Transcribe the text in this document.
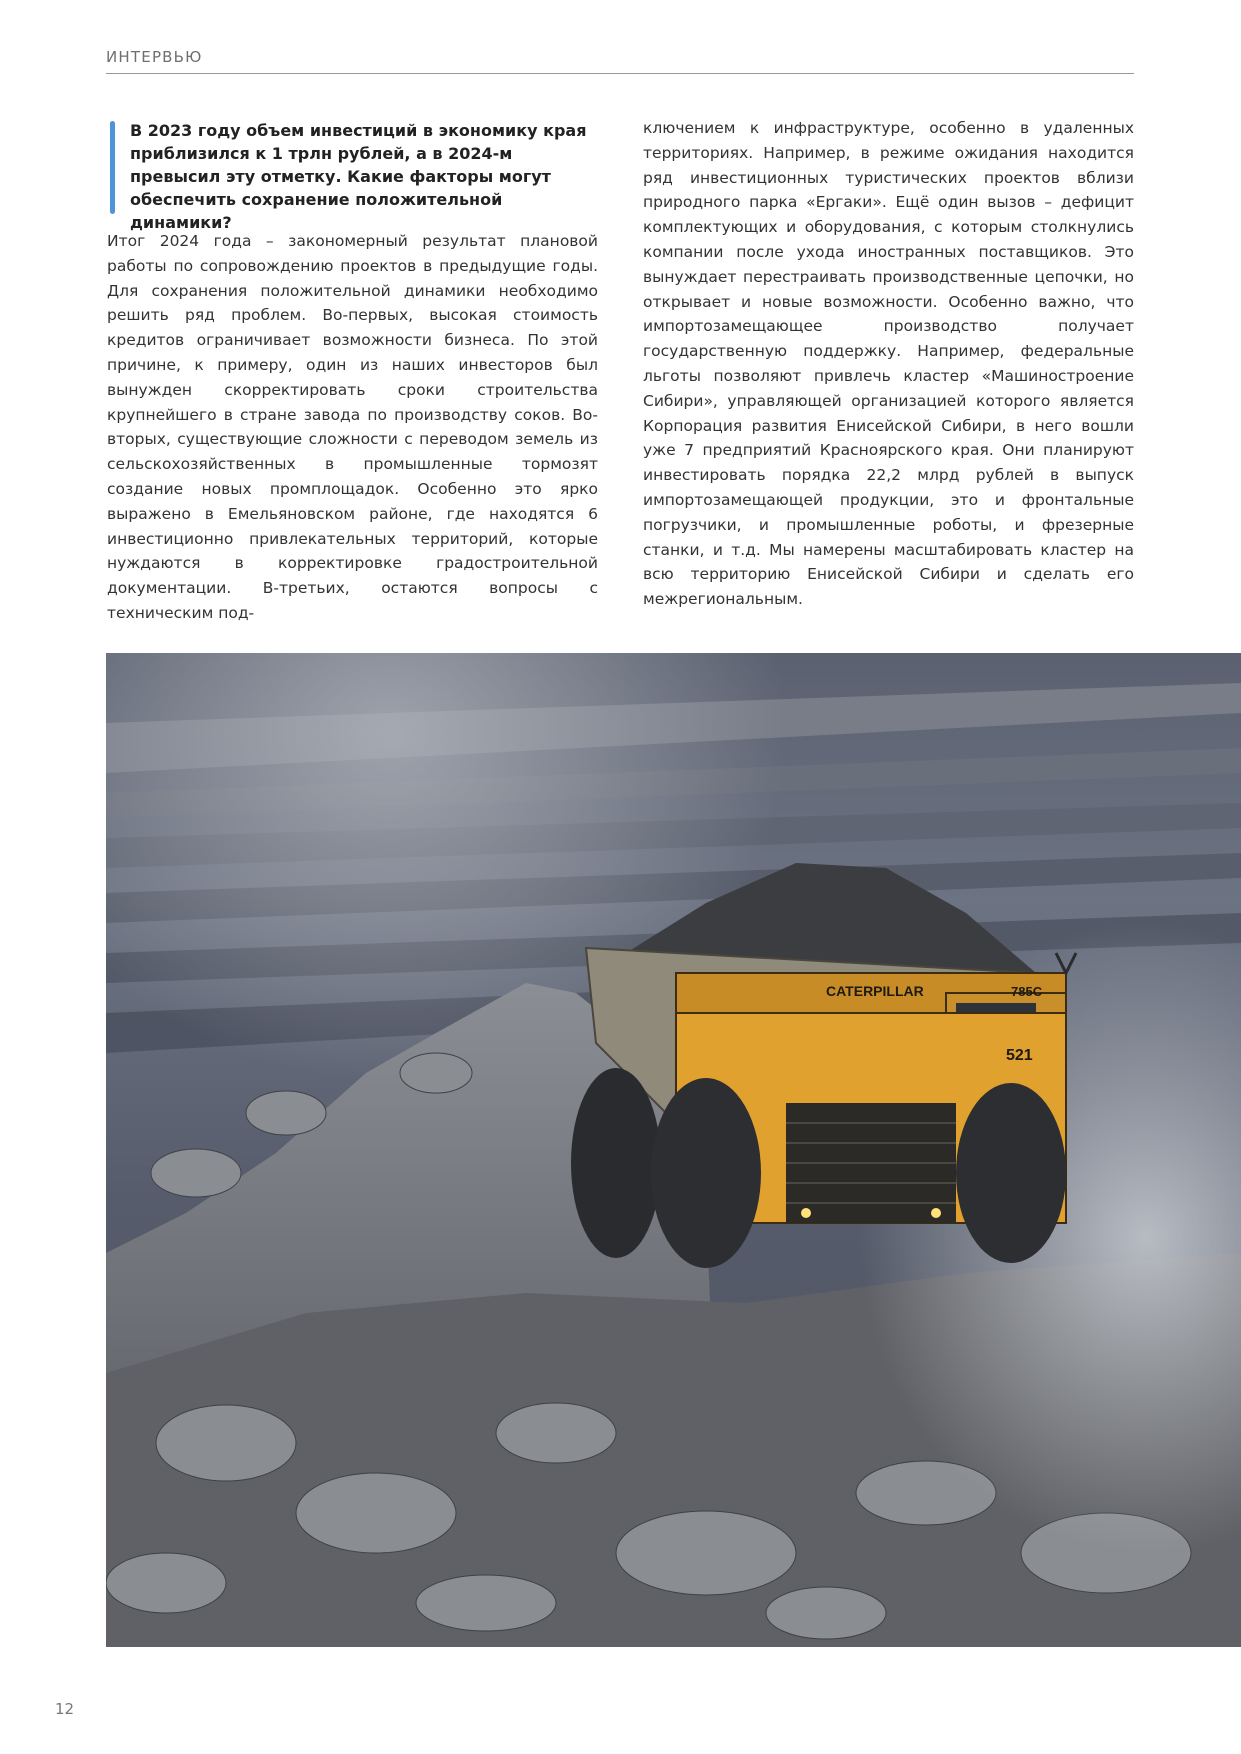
ИНТЕРВЬЮ

В 2023 году объем инвестиций в экономику края приблизился к 1 трлн рублей, а в 2024-м превысил эту отметку. Какие факторы могут обеспечить сохранение положительной динамики?

Итог 2024 года – закономерный результат плановой работы по сопровождению проектов в предыдущие годы. Для сохранения положительной динамики необходимо решить ряд проблем. Во-первых, высокая стоимость кредитов ограничивает возможности бизнеса. По этой причине, к примеру, один из наших инвесторов был вынужден скорректировать сроки строительства крупнейшего в стране завода по производству соков. Во-вторых, существующие сложности с переводом земель из сельскохозяйственных в промышленные тормозят создание новых промплощадок. Особенно это ярко выражено в Емельяновском районе, где находятся 6 инвестиционно привлекательных территорий, которые нуждаются в корректировке градостроительной документации. В-третьих, остаются вопросы с техническим под-

ключением к инфраструктуре, особенно в удаленных территориях. Например, в режиме ожидания находится ряд инвестиционных туристических проектов вблизи природного парка «Ергаки». Ещё один вызов – дефицит комплектующих и оборудования, с которым столкнулись компании после ухода иностранных поставщиков. Это вынуждает перестраивать производственные цепочки, но открывает и новые возможности. Особенно важно, что импортозамещающее производство получает государственную поддержку. Например, федеральные льготы позволяют привлечь кластер «Машиностроение Сибири», управляющей организацией которого является Корпорация развития Енисейской Сибири, в него вошли уже 7 предприятий Красноярского края. Они планируют инвестировать порядка 22,2 млрд рублей в выпуск импортозамещающей продукции, это и фронтальные погрузчики, и промышленные роботы, и фрезерные станки, и т.д. Мы намерены масштабировать кластер на всю территорию Енисейской Сибири и сделать его межрегиональным.

CATERPILLAR	785C
521
12
